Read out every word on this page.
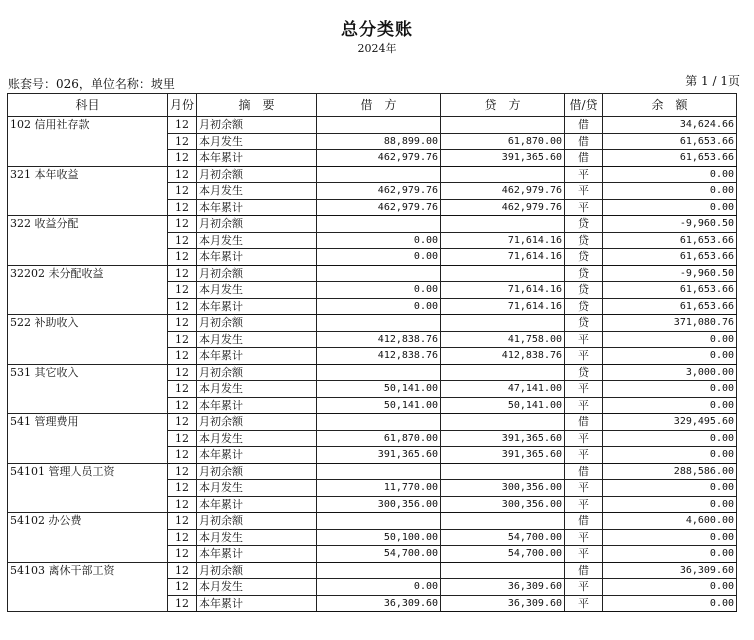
总分类账
2024年
账套号：026，单位名称：坡里	第 1 / 1页
科目	月份	摘　要	借　方	贷　方	借/贷	余　额
102 信用社存款	12	月初余额			借	34,624.66
	12	本月发生	88,899.00	61,870.00	借	61,653.66
	12	本年累计	462,979.76	391,365.60	借	61,653.66
321 本年收益	12	月初余额			平	0.00
	12	本月发生	462,979.76	462,979.76	平	0.00
	12	本年累计	462,979.76	462,979.76	平	0.00
322 收益分配	12	月初余额			贷	-9,960.50
	12	本月发生	0.00	71,614.16	贷	61,653.66
	12	本年累计	0.00	71,614.16	贷	61,653.66
32202 未分配收益	12	月初余额			贷	-9,960.50
	12	本月发生	0.00	71,614.16	贷	61,653.66
	12	本年累计	0.00	71,614.16	贷	61,653.66
522 补助收入	12	月初余额			贷	371,080.76
	12	本月发生	412,838.76	41,758.00	平	0.00
	12	本年累计	412,838.76	412,838.76	平	0.00
531 其它收入	12	月初余额			贷	3,000.00
	12	本月发生	50,141.00	47,141.00	平	0.00
	12	本年累计	50,141.00	50,141.00	平	0.00
541 管理费用	12	月初余额			借	329,495.60
	12	本月发生	61,870.00	391,365.60	平	0.00
	12	本年累计	391,365.60	391,365.60	平	0.00
54101 管理人员工资	12	月初余额			借	288,586.00
	12	本月发生	11,770.00	300,356.00	平	0.00
	12	本年累计	300,356.00	300,356.00	平	0.00
54102 办公费	12	月初余额			借	4,600.00
	12	本月发生	50,100.00	54,700.00	平	0.00
	12	本年累计	54,700.00	54,700.00	平	0.00
54103 离休干部工资	12	月初余额			借	36,309.60
	12	本月发生	0.00	36,309.60	平	0.00
	12	本年累计	36,309.60	36,309.60	平	0.00
